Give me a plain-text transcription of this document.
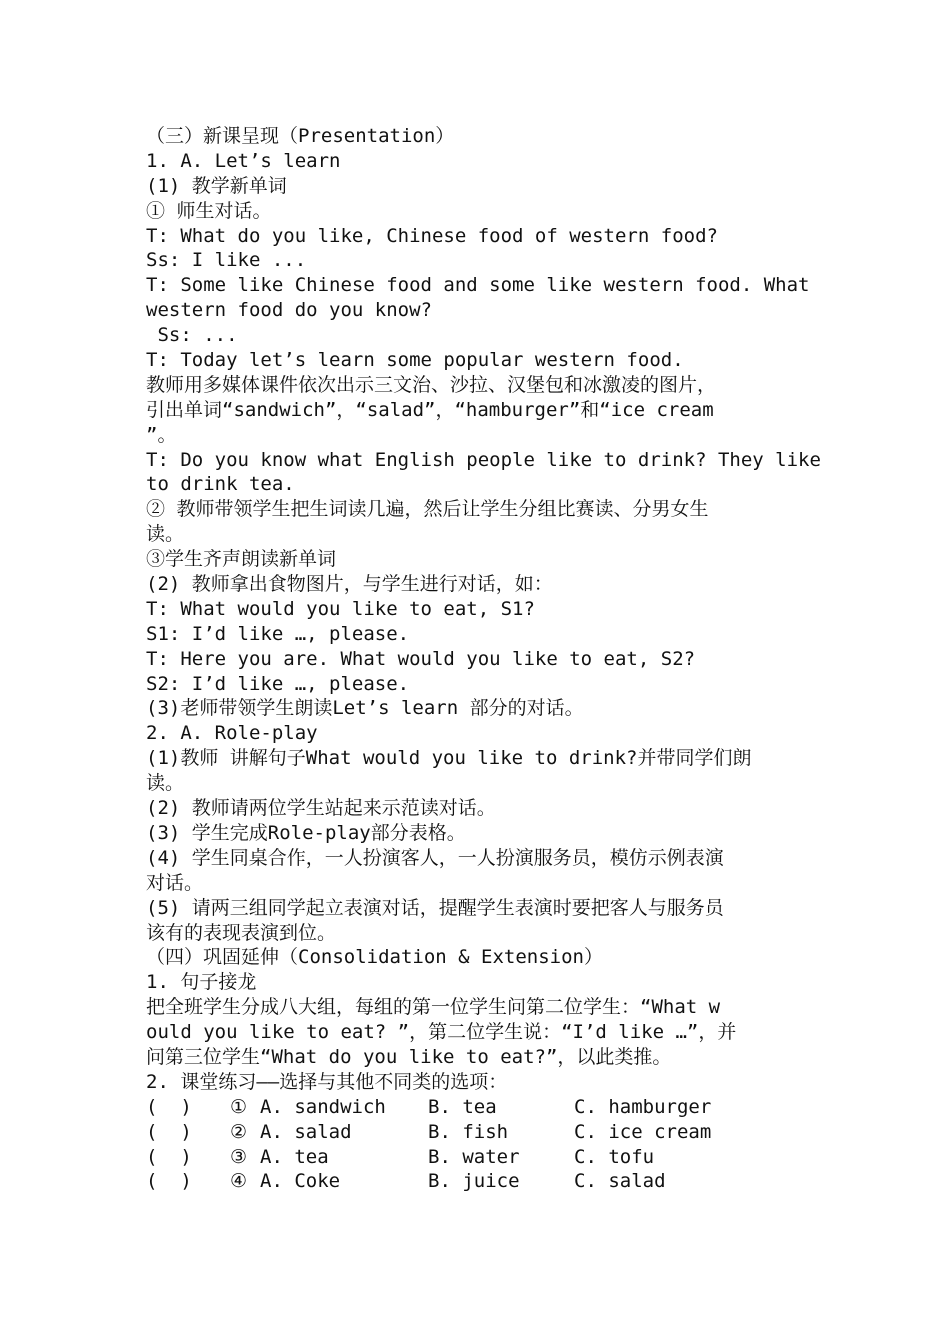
（三）新课呈现（Presentation）
1. A. Let’s learn
(1) 教学新单词
① 师生对话。
T: What do you like, Chinese food of western food?
Ss: I like ...
T: Some like Chinese food and some like western food. What
western food do you know?
Ss: ...
T: Today let’s learn some popular western food.
教师用多媒体课件依次出示三文治、沙拉、汉堡包和冰激凌的图片，
引出单词“sandwich”，“salad”，“hamburger”和“ice cream
”。
T: Do you know what English people like to drink? They like
to drink tea.
② 教师带领学生把生词读几遍，然后让学生分组比赛读、分男女生
读。
③学生齐声朗读新单词
(2) 教师拿出食物图片，与学生进行对话，如：
T: What would you like to eat, S1?
S1: I’d like …, please.
T: Here you are. What would you like to eat, S2?
S2: I’d like …, please.
(3)老师带领学生朗读Let’s learn 部分的对话。
2. A. Role-play
(1)教师 讲解句子What would you like to drink?并带同学们朗
读。
(2) 教师请两位学生站起来示范读对话。
(3) 学生完成Role-play部分表格。
(4) 学生同桌合作，一人扮演客人，一人扮演服务员，模仿示例表演
对话。
(5) 请两三组同学起立表演对话，提醒学生表演时要把客人与服务员
该有的表现表演到位。
（四）巩固延伸（Consolidation & Extension）
1. 句子接龙
把全班学生分成八大组，每组的第一位学生问第二位学生：“What w
ould you like to eat? ”，第二位学生说：“I’d like …”，并
问第三位学生“What do you like to eat?”，以此类推。
2. 课堂练习——选择与其他不同类的选项：
(  )	① A. sandwich	B. tea	C. hamburger
(  )	② A. salad	B. fish	C. ice cream
(  )	③ A. tea	B. water	C. tofu
(  )	④ A. Coke	B. juice	C. salad
